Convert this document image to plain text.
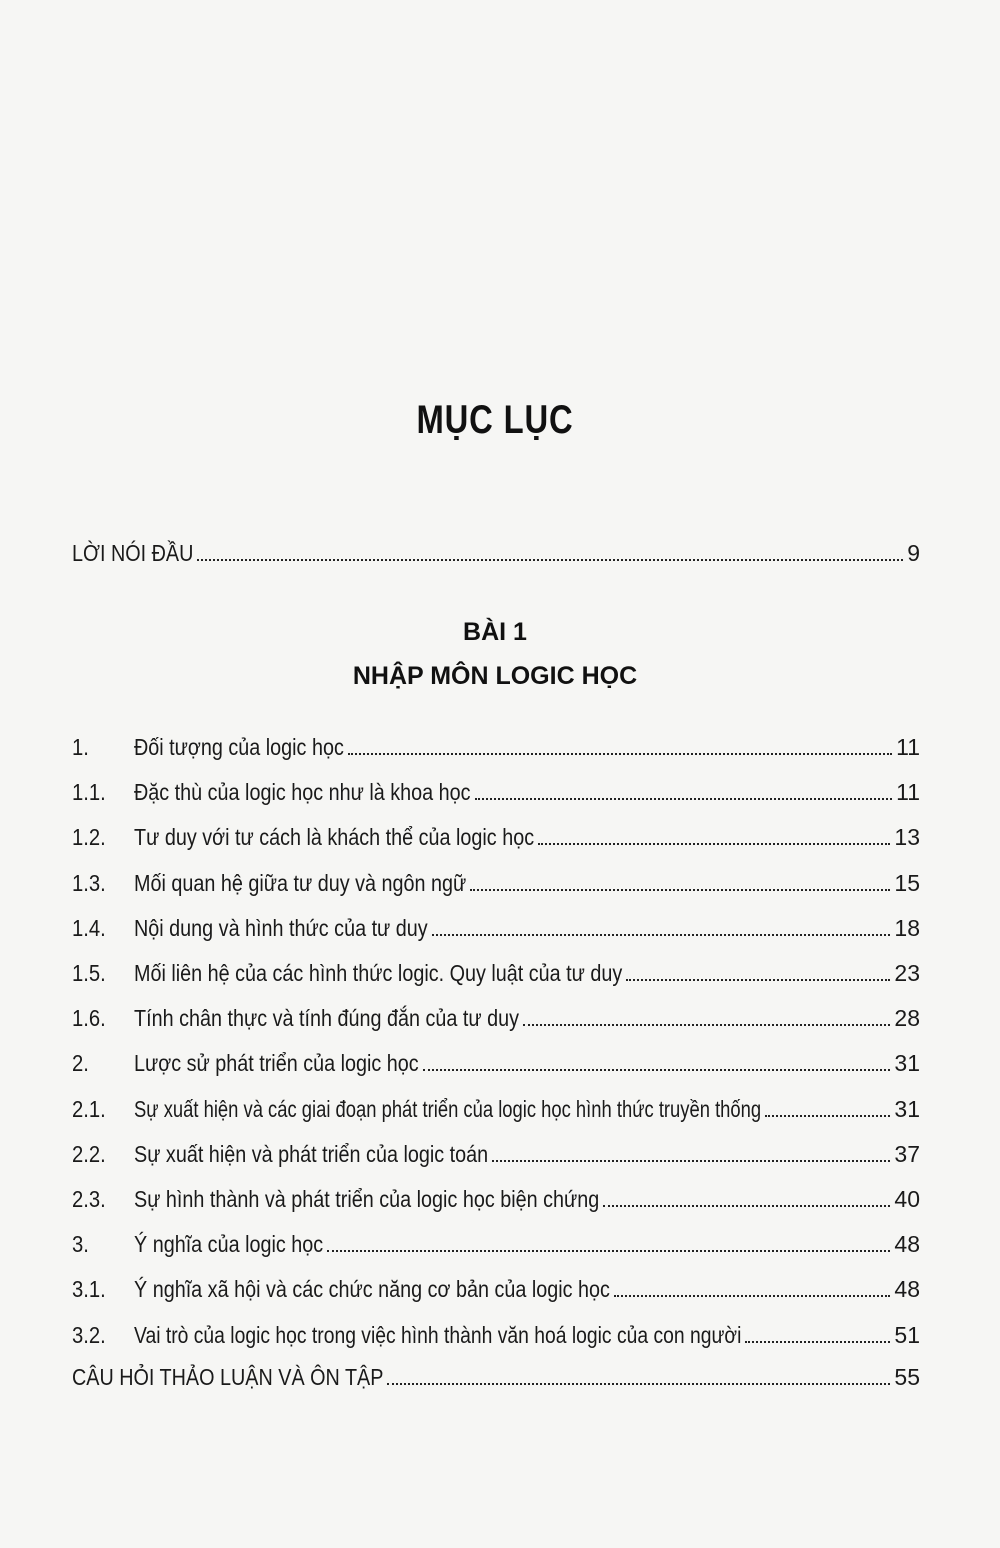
MỤC LỤC
LỜI NÓI ĐẦU	9
BÀI 1
NHẬP MÔN LOGIC HỌC
1.	Đối tượng của logic học	11
1.1.	Đặc thù của logic học như là khoa học	11
1.2.	Tư duy với tư cách là khách thể của logic học	13
1.3.	Mối quan hệ giữa tư duy và ngôn ngữ	15
1.4.	Nội dung và hình thức của tư duy	18
1.5.	Mối liên hệ của các hình thức logic. Quy luật của tư duy	23
1.6.	Tính chân thực và tính đúng đắn của tư duy	28
2.	Lược sử phát triển của logic học	31
2.1.	Sự xuất hiện và các giai đoạn phát triển của logic học hình thức truyền thống	31
2.2.	Sự xuất hiện và phát triển của logic toán	37
2.3.	Sự hình thành và phát triển của logic học biện chứng	40
3.	Ý nghĩa của logic học	48
3.1.	Ý nghĩa xã hội và các chức năng cơ bản của logic học	48
3.2.	Vai trò của logic học trong việc hình thành văn hoá logic của con người	51
CÂU HỎI THẢO LUẬN VÀ ÔN TẬP	55
